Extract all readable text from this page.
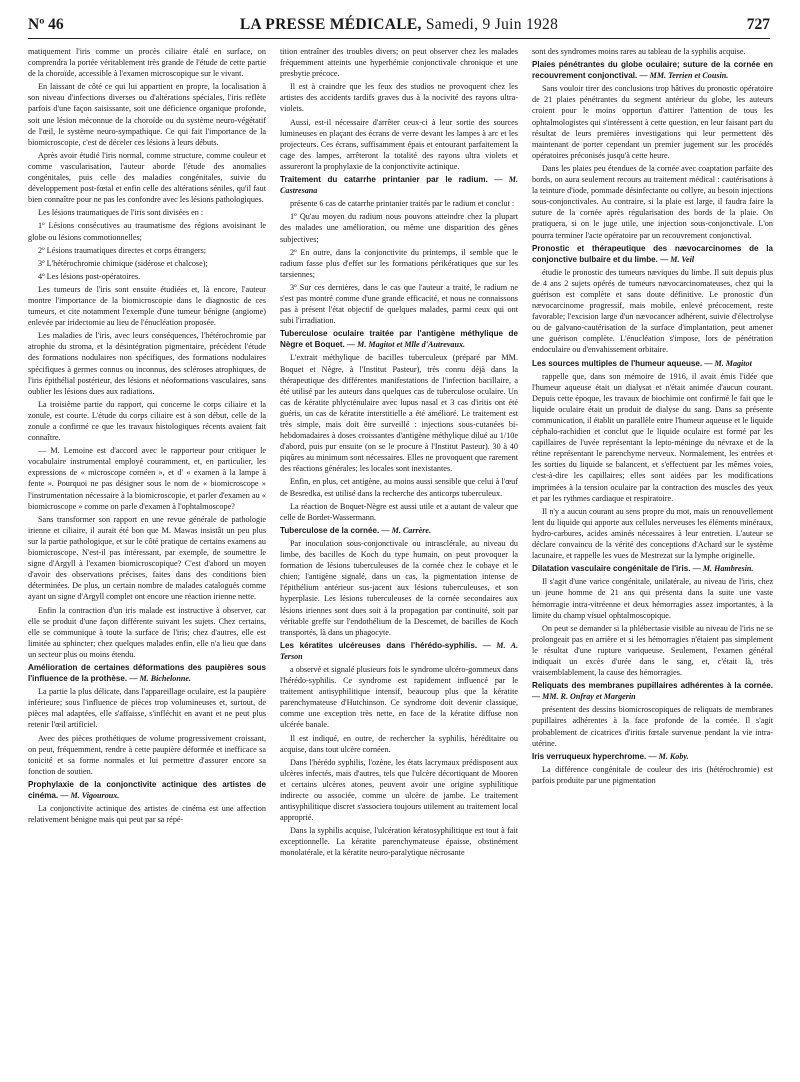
Nº 46	LA PRESSE MÉDICALE, Samedi, 9 Juin 1928	727

matiquement l'iris comme un procès ciliaire étalé en surface, on comprendra la portée véritablement très grande de l'étude de cette partie de la choroïde, accessible à l'examen microscopique sur le vivant.

En laissant de côté ce qui lui appartient en propre, la localisation à son niveau d'infections diverses ou d'altérations spéciales, l'iris reflète parfois d'une façon saisissante, soit une déficience organique profonde, soit une lésion méconnue de la choroïde ou du système neuro-végétatif de l'œil, le système neuro-sympathique. Ce qui fait l'importance de la biomicroscopie, c'est de déceler ces lésions à leurs débuts.

Après avoir étudié l'iris normal, comme structure, comme couleur et comme vascularisation, l'auteur aborde l'étude des anomalies congénitales, puis celle des maladies congénitales, suivie du développement post-fœtal et enfin celle des altérations séniles, qu'il faut bien connaître pour ne pas les confondre avec les lésions pathologiques.

Les lésions traumatiques de l'iris sont divisées en :

1º Lésions consécutives au traumatisme des régions avoisinant le globe ou lésions commotionnelles;

2º Lésions traumatiques directes et corps étrangers;

3º L'hétérochromie chimique (sidérose et chalcose);

4º Les lésions post-opératoires.

Les tumeurs de l'iris sont ensuite étudiées et, là encore, l'auteur montre l'importance de la biomicroscopie dans le diagnostic de ces tumeurs, et cite notamment l'exemple d'une tumeur bénigne (angiome) enlevée par iridectomie au lieu de l'énucléation proposée.

Les maladies de l'iris, avec leurs conséquences, l'hétérochromie par atrophie du stroma, et la désintégration pigmentaire, précèdent l'étude des formations nodulaires non spécifiques, des formations nodulaires spécifiques à germes connus ou inconnus, des scléroses atrophiques, de l'iris épithélial postérieur, des lésions et néoformations vasculaires, sans oublier les lésions dues aux radiations.

La troisième partie du rapport, qui concerne le corps ciliaire et la zonule, est courte. L'étude du corps ciliaire est à son début, celle de la zonule a confirmé ce que les travaux histologiques récents avaient fait connaître.

— M. Lemoine est d'accord avec le rapporteur pour critiquer le vocabulaire instrumental employé couramment, et, en particulier, les expressions de « microscope cornéen », et d' « examen à la lampe à fente ». Pourquoi ne pas désigner sous le nom de « biomicroscope » l'instrumentation nécessaire à la biomicroscopie, et parler d'examen au « biomicroscope » comme on parle d'examen à l'ophtalmoscope?

Sans transformer son rapport en une revue générale de pathologie irienne et ciliaire, il aurait été bon que M. Mawas insistât un peu plus sur la partie pathologique, et sur le côté pratique de certains examens au biomicroscope. N'est-il pas intéressant, par exemple, de soumettre le signe d'Argyll à l'examen biomicroscopique? C'est d'abord un moyen d'avoir des observations précises, faites dans des conditions bien déterminées. De plus, un certain nombre de malades catalogués comme ayant un signe d'Argyll complet ont encore une réaction irienne nette.

Enfin la contraction d'un iris malade est instructive à observer, car elle se produit d'une façon différente suivant les sujets. Chez certains, elle se communique à toute la surface de l'iris; chez d'autres, elle est limitée au sphincter; chez quelques malades enfin, elle n'a lieu que dans un secteur plus ou moins étendu.

Amélioration de certaines déformations des paupières sous l'influence de la prothèse. — M. Bichelonne.

La partie la plus délicate, dans l'appareillage oculaire, est la paupière inférieure; sous l'influence de pièces trop volumineuses et, surtout, de pièces mal adaptées, elle s'affaisse, s'infléchit en avant et ne peut plus retenir l'œil artificiel.

Avec des pièces prothétiques de volume progressivement croissant, on peut, fréquemment, rendre à cette paupière déformée et inefficace sa tonicité et sa forme normales et lui permettre d'assurer encore sa fonction de soutien.

Prophylaxie de la conjonctivite actinique des artistes de cinéma. — M. Vigouroux.

La conjonctivite actinique des artistes de cinéma est une affection relativement bénigne mais qui peut par sa répé-

tition entraîner des troubles divers; on peut observer chez les malades fréquemment atteints une hyperhémie conjonctivale chronique et une presbytie précoce.

Il est à craindre que les feux des studios ne provoquent chez les artistes des accidents tardifs graves dus à la nocivité des rayons ultra-violets.

Aussi, est-il nécessaire d'arrêter ceux-ci à leur sortie des sources lumineuses en plaçant des écrans de verre devant les lampes à arc et les projecteurs. Ces écrans, suffisamment épais et entourant parfaitement la cage des lampes, arrêteront la totalité des rayons ultra violets et assureront la prophylaxie de la conjonctivite actinique.

Traitement du catarrhe printanier par le radium. — M. Castresana

présente 6 cas de catarrhe printanier traités par le radium et conclut :

1º Qu'au moyen du radium nous pouvons atteindre chez la plupart des malades une amélioration, ou même une disparition des gênes subjectives;

2º En outre, dans la conjonctivite du printemps, il semble que le radium fasse plus d'effet sur les formations périkératiques que sur les tarsiennes;

3º Sur ces dernières, dans le cas que l'auteur a traité, le radium ne s'est pas montré comme d'une grande efficacité, et nous ne connaissons pas à présent l'état objectif de quelques malades, parmi ceux qui ont subi l'irradiation.

Tuberculose oculaire traitée par l'antigène méthylique de Nègre et Boquet. — M. Magitot et Mlle d'Autrevaux.

L'extrait méthylique de bacilles tuberculeux (préparé par MM. Boquet et Nègre, à l'Institut Pasteur), très connu déjà dans la thérapeutique des différentes manifestations de l'infection bacillaire, a été utilisé par les auteurs dans quelques cas de tuberculose oculaire. Un cas de kératite phlycténulaire avec lupus nasal et 3 cas d'iritis ont été guéris, un cas de kératite interstitielle a été amélioré. Le traitement est très simple, mais doit être surveillé : injections sous-cutanées bi-hebdomadaires à doses croissantes d'antigène méthylique dilué au 1/10e d'abord, puis pur ensuite (on se le procure à l'Institut Pasteur). 30 à 40 piqûres au minimum sont nécessaires. Elles ne provoquent que rarement des réactions générales; les locales sont inexistantes.

Enfin, en plus, cet antigène, au moins aussi sensible que celui à l'œuf de Besredka, est utilisé dans la recherche des anticorps tuberculeux.

La réaction de Boquet-Nègre est aussi utile et a autant de valeur que celle de Bordet-Wassermann.

Tuberculose de la cornée. — M. Carrère.

Par inoculation sous-conjonctivale ou intrasclérale, au niveau du limbe, des bacilles de Koch du type humain, on peut provoquer la formation de lésions tuberculeuses de la cornée chez le cobaye et le chien; l'antigène signalé, dans un cas, la pigmentation intense de l'épithélium antérieur sus-jacent aux lésions tuberculeuses, et son hyperplasie. Les lésions tuberculeuses de la cornée secondaires aux lésions iriennes sont dues soit à la propagation par continuité, soit par véritable greffe sur l'endothélium de la Descemet, de bacilles de Koch transportés, là dans un phagocyte.

Les kératites ulcéreuses dans l'hérédo-syphilis. — M. A. Terson

a observé et signalé plusieurs fois le syndrome ulcéro-gommeux dans l'hérédo-syphilis. Ce syndrome est rapidement influencé par le traitement antisyphilitique intensif, beaucoup plus que la kératite parenchymateuse d'Hutchinson. Ce syndrome doit devenir classique, comme une exception très nette, en face de la kératite diffuse non ulcérée banale.

Il est indiqué, en outre, de rechercher la syphilis, héréditaire ou acquise, dans tout ulcère cornéen.

Dans l'hérédo syphilis, l'ozène, les états lacrymaux prédisposent aux ulcères infectés, mais d'autres, tels que l'ulcère décortiquant de Mooren et certains ulcères atones, peuvent avoir une origine syphilitique indirecte ou associée, comme un ulcère de jambe. Le traitement antisyphilitique discret s'associera toujours utilement au traitement local approprié.

Dans la syphilis acquise, l'ulcération kératosyphilitique est tout à fait exceptionnelle. La kératite parenchymateuse épaisse, obstinément monolatérale, et la kératite neuro-paralytique nécrosante

sont des syndromes moins rares au tableau de la syphilis acquise.

Plaies pénétrantes du globe oculaire; suture de la cornée en recouvrement conjonctival. — MM. Terrien et Cousin.

Sans vouloir tirer des conclusions trop hâtives du pronostic opératoire de 21 plaies pénétrantes du segment antérieur du globe, les auteurs croient pour le moins opportun d'attirer l'attention de tous les ophtalmologistes qui s'intéressent à cette question, en leur faisant part du résultat de leurs premières investigations qui leur permettent dès maintenant de porter cependant un premier jugement sur les procédés opératoires préconisés jusqu'à cette heure.

Dans les plaies peu étendues de la cornée avec coaptation parfaite des bords, on aura seulement recours au traitement médical : cautérisations à la teinture d'iode, pommade désinfectante ou collyre, au besoin injections sous-conjonctivales. Au contraire, si la plaie est large, il faudra faire la suture de la cornée après régularisation des bords de la plaie. On pratiquera, si on le juge utile, une injection sous-conjonctivale. L'on pourra terminer l'acte opératoire par un recouvrement conjonctival.

Pronostic et thérapeutique des nævocarcinomes de la conjonctive bulbaire et du limbe. — M. Veil

étudie le pronostic des tumeurs næviques du limbe. Il suit depuis plus de 4 ans 2 sujets opérés de tumeurs nævocarcinomateuses, chez qui la guérison est complète et sans doute définitive. Le pronostic d'un nævocarcinome progressif, mais mobile, enlevé précocement, reste favorable; l'excision large d'un nævocancer adhérent, suivie d'électrolyse ou de galvano-cautérisation de la surface d'implantation, peut amener une guérison complète. L'énucléation s'impose, lors de pénétration endoculaire ou d'envahissement orbitaire.

Les sources multiples de l'humeur aqueuse. — M. Magitot

rappelle que, dans son mémoire de 1916, il avait émis l'idée que l'humeur aqueuse était un dialysat et n'était animée d'aucun courant. Depuis cette époque, les travaux de biochimie ont confirmé le fait que le liquide oculaire était un produit de dialyse du sang. Dans sa présente communication, il établit un parallèle entre l'humeur aqueuse et le liquide céphalo-rachidien et conclut que le liquide oculaire est formé par les capillaires de l'uvée représentant la lepto-méninge du névraxe et de la rétine représentant le parenchyme nerveux. Normalement, les entrées et les sorties du liquide se balancent, et s'effectuent par les mêmes voies, c'est-à-dire les capillaires; elles sont aidées par les modifications imprimées à la tension oculaire par la contraction des muscles des yeux et par les rythmes cardiaque et respiratoire.

Il n'y a aucun courant au sens propre du mot, mais un renouvellement lent du liquide qui apporte aux cellules nerveuses les éléments minéraux, hydro-carbures, acides aminés nécessaires à leur entretien. L'auteur se déclare convaincu de la vérité des conceptions d'Achard sur le système lacunaire, et rappelle les vues de Mestrezat sur la lymphe originelle.

Dilatation vasculaire congénitale de l'iris. — M. Hambresin.

Il s'agit d'une varice congénitale, unilatérale, au niveau de l'iris, chez un jeune homme de 21 ans qui présenta dans la suite une vaste hémorragie intra-vitréenne et deux hémorragies assez importantes, à la limite du champ visuel ophtalmoscopique.

On peut se demander si la phlébectasie visible au niveau de l'iris ne se prolongeait pas en arrière et si les hémorragies n'étaient pas simplement le résultat d'une rupture variqueuse. Seulement, l'examen général indiquait un excès d'urée dans le sang, et, c'était là, très vraisemblablement, la cause des hémorragies.

Reliquats des membranes pupillaires adhérentes à la cornée. — MM. R. Onfray et Margerin

présentent des dessins biomicroscopiques de reliquats de membranes pupillaires adhérentes à la face profonde de la cornée. Il s'agit probablement de cicatrices d'iritis fœtale survenue pendant la vie intra-utérine.

Iris verruqueux hyperchrome. — M. Koby.

La différence congénitale de couleur des iris (hétérochromie) est parfois produite par une pigmentation
